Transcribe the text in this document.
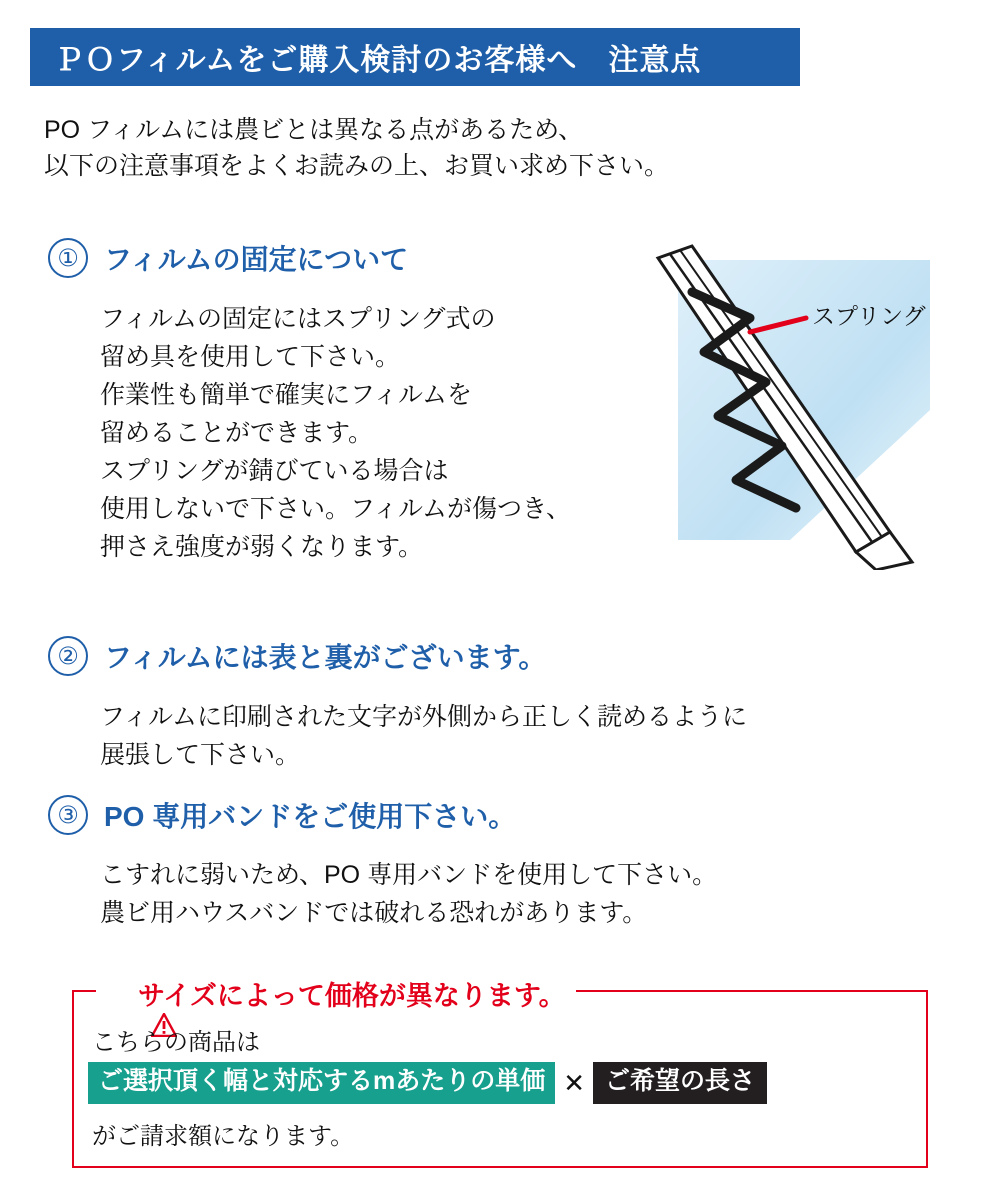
ＰＯフィルムをご購入検討のお客様へ　注意点
PO フィルムには農ビとは異なる点があるため、
以下の注意事項をよくお読みの上、お買い求め下さい。
① フィルムの固定について
フィルムの固定にはスプリング式の
留め具を使用して下さい。
作業性も簡単で確実にフィルムを
留めることができます。
スプリングが錆びている場合は
使用しないで下さい。フィルムが傷つき、
押さえ強度が弱くなります。
スプリング
② フィルムには表と裏がございます。
フィルムに印刷された文字が外側から正しく読めるように
展張して下さい。
③ PO 専用バンドをご使用下さい。
こすれに弱いため、PO 専用バンドを使用して下さい。
農ビ用ハウスバンドでは破れる恐れがあります。

サイズによって価格が異なります。
こちらの商品は
ご選択頂く幅と対応するmあたりの単価 ✕ ご希望の長さ
がご請求額になります。
